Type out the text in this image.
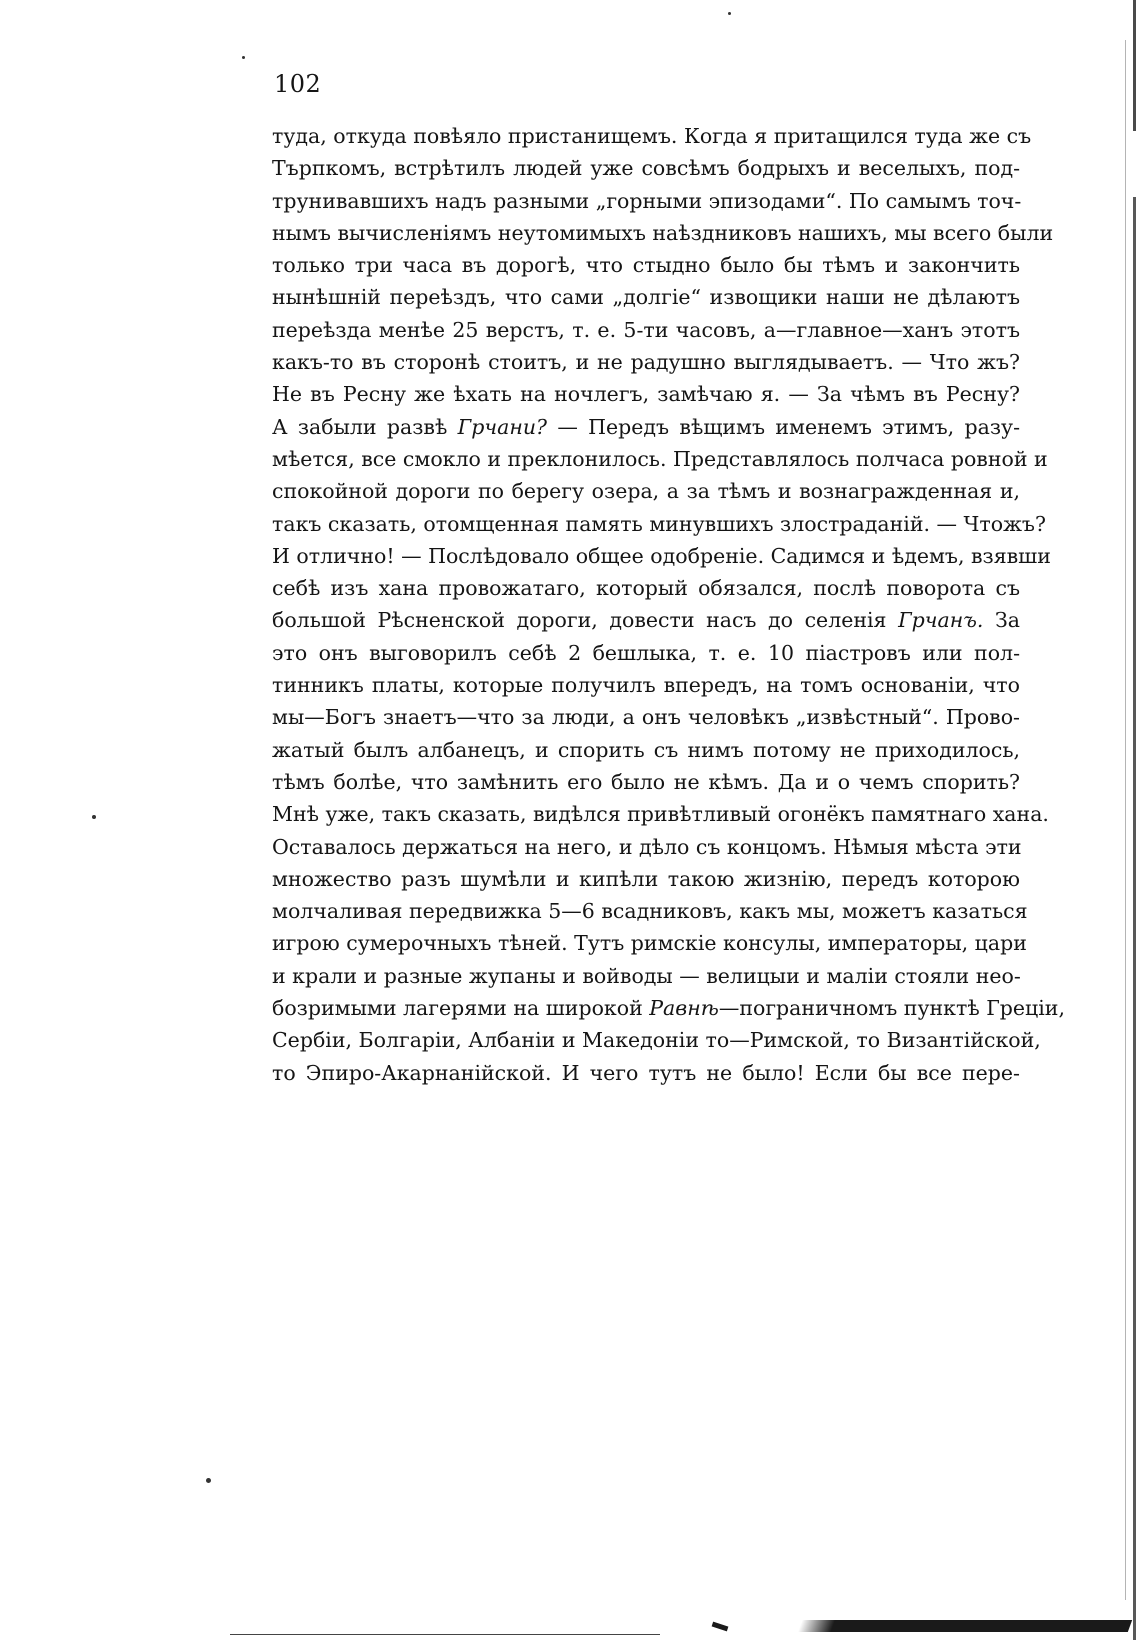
102
туда, откуда повѣяло пристанищемъ. Когда я притащился туда же съ
Търпкомъ, встрѣтилъ людей уже совсѣмъ бодрыхъ и веселыхъ, под-
трунивавшихъ надъ разными „горными эпизодами“. По самымъ точ-
нымъ вычисленiямъ неутомимыхъ наѣздниковъ нашихъ, мы всего были
только три часа въ дорогѣ, что стыдно было бы тѣмъ и закончить
нынѣшнiй переѣздъ, что сами „долгiе“ извощики наши не дѣлаютъ
переѣзда менѣе 25 верстъ, т. е. 5-ти часовъ, а—главное—ханъ этотъ
какъ-то въ сторонѣ стоитъ, и не радушно выглядываетъ. — Что жъ?
Не въ Ресну же ѣхать на ночлегъ, замѣчаю я. — За чѣмъ въ Ресну?
А забыли развѣ Грчани? — Передъ вѣщимъ именемъ этимъ, разу-
мѣется, все смокло и преклонилось. Представлялось полчаса ровной и
спокойной дороги по берегу озера, а за тѣмъ и вознагражденная и,
такъ сказать, отомщенная память минувшихъ злостраданiй. — Чтожъ?
И отлично! — Послѣдовало общее одобренiе. Садимся и ѣдемъ, взявши
себѣ изъ хана провожатаго, который обязался, послѣ поворота съ
большой Рѣсненской дороги, довести насъ до селенiя Грчанъ. За
это онъ выговорилъ себѣ 2 бешлыка, т. е. 10 пiастровъ или пол-
тинникъ платы, которые получилъ впередъ, на томъ основанiи, что
мы—Богъ знаетъ—что за люди, а онъ человѣкъ „извѣстный“. Прово-
жатый былъ албанецъ, и спорить съ нимъ потому не приходилось,
тѣмъ болѣе, что замѣнить его было не кѣмъ. Да и о чемъ спорить?
Мнѣ уже, такъ сказать, видѣлся привѣтливый огонёкъ памятнаго хана.
Оставалось держаться на него, и дѣло съ концомъ. Нѣмыя мѣста эти
множество разъ шумѣли и кипѣли такою жизнiю, передъ которою
молчаливая передвижка 5—6 всадниковъ, какъ мы, можетъ казаться
игрою сумерочныхъ тѣней. Тутъ римскiе консулы, императоры, цари
и крали и разные жупаны и войводы — велицыи и малiи стояли нео-
бозримыми лагерями на широкой Равнѣ—пограничномъ пунктѣ Грецiи,
Сербiи, Болгарiи, Албанiи и Македонiи то—Римской, то Византiйской,
то Эпиро-Акарнанiйской. И чего тутъ не было! Если бы все пере-
